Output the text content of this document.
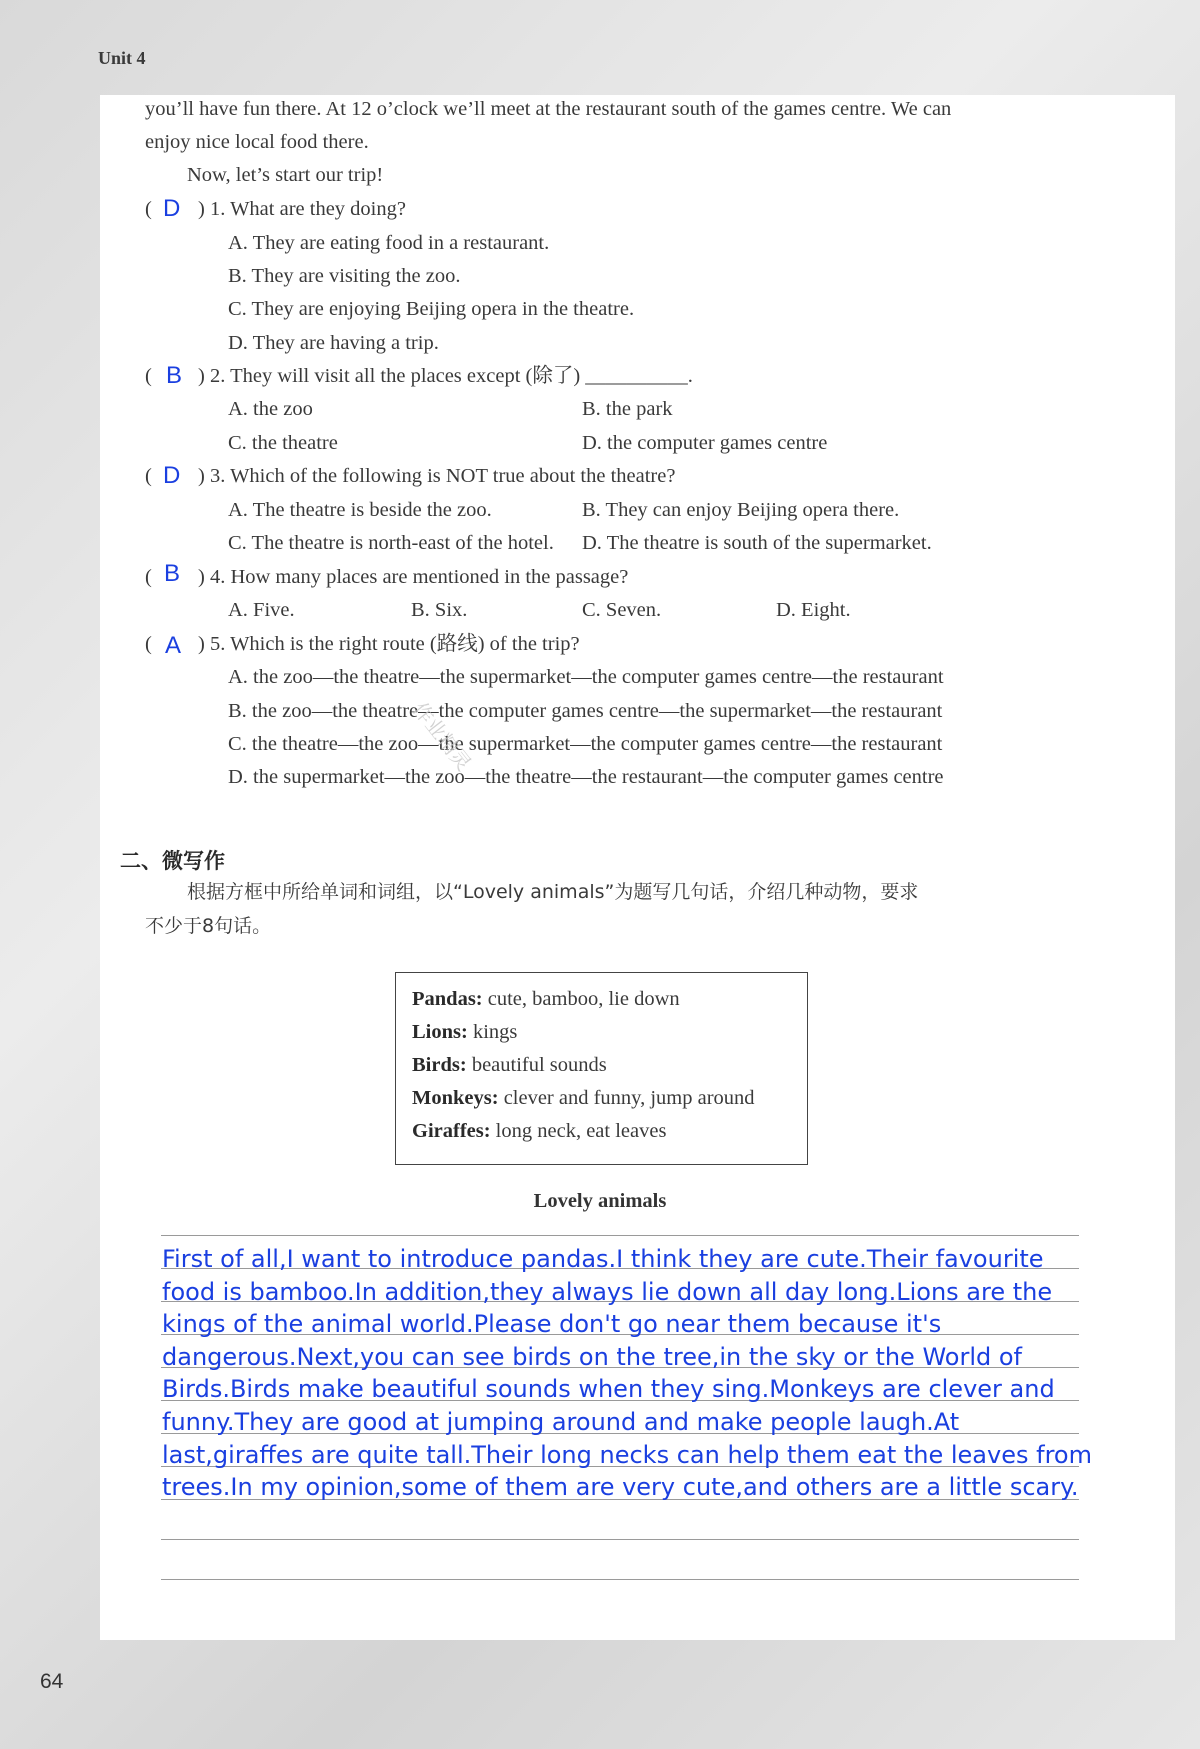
Unit 4
you’ll have fun there. At 12 o’clock we’ll meet at the restaurant south of the games centre. We can
enjoy nice local food there.
Now, let’s start our trip!
( D ) 1. What are they doing?
A. They are eating food in a restaurant.
B. They are visiting the zoo.
C. They are enjoying Beijing opera in the theatre.
D. They are having a trip.
( B ) 2. They will visit all the places except (除了) __________.
A. the zoo	B. the park
C. the theatre	D. the computer games centre
( D ) 3. Which of the following is NOT true about the theatre?
A. The theatre is beside the zoo.	B. They can enjoy Beijing opera there.
C. The theatre is north-east of the hotel. D. The theatre is south of the supermarket.
( B ) 4. How many places are mentioned in the passage?
A. Five.	B. Six.	C. Seven.	D. Eight.
( A ) 5. Which is the right route (路线) of the trip?
A. the zoo—the theatre—the supermarket—the computer games centre—the restaurant
B. the zoo—the theatre—the computer games centre—the supermarket—the restaurant
C. the theatre—the zoo—the supermarket—the computer games centre—the restaurant
D. the supermarket—the zoo—the theatre—the restaurant—the computer games centre
作业精灵
二、微写作
根据方框中所给单词和词组，以“Lovely animals”为题写几句话，介绍几种动物，要求
不少于8句话。
Pandas: cute, bamboo, lie down
Lions: kings
Birds: beautiful sounds
Monkeys: clever and funny, jump around
Giraffes: long neck, eat leaves
Lovely animals
First of all,I want to introduce pandas.I think they are cute.Their favourite food is bamboo.In addition,they always lie down all day long.Lions are the kings of the animal world.Please don't go near them because it's dangerous.Next,you can see birds on the tree,in the sky or the World of Birds.Birds make beautiful sounds when they sing.Monkeys are clever and funny.They are good at jumping around and make people laugh.At last,giraffes are quite tall.Their long necks can help them eat the leaves from trees.In my opinion,some of them are very cute,and others are a little scary.
64
